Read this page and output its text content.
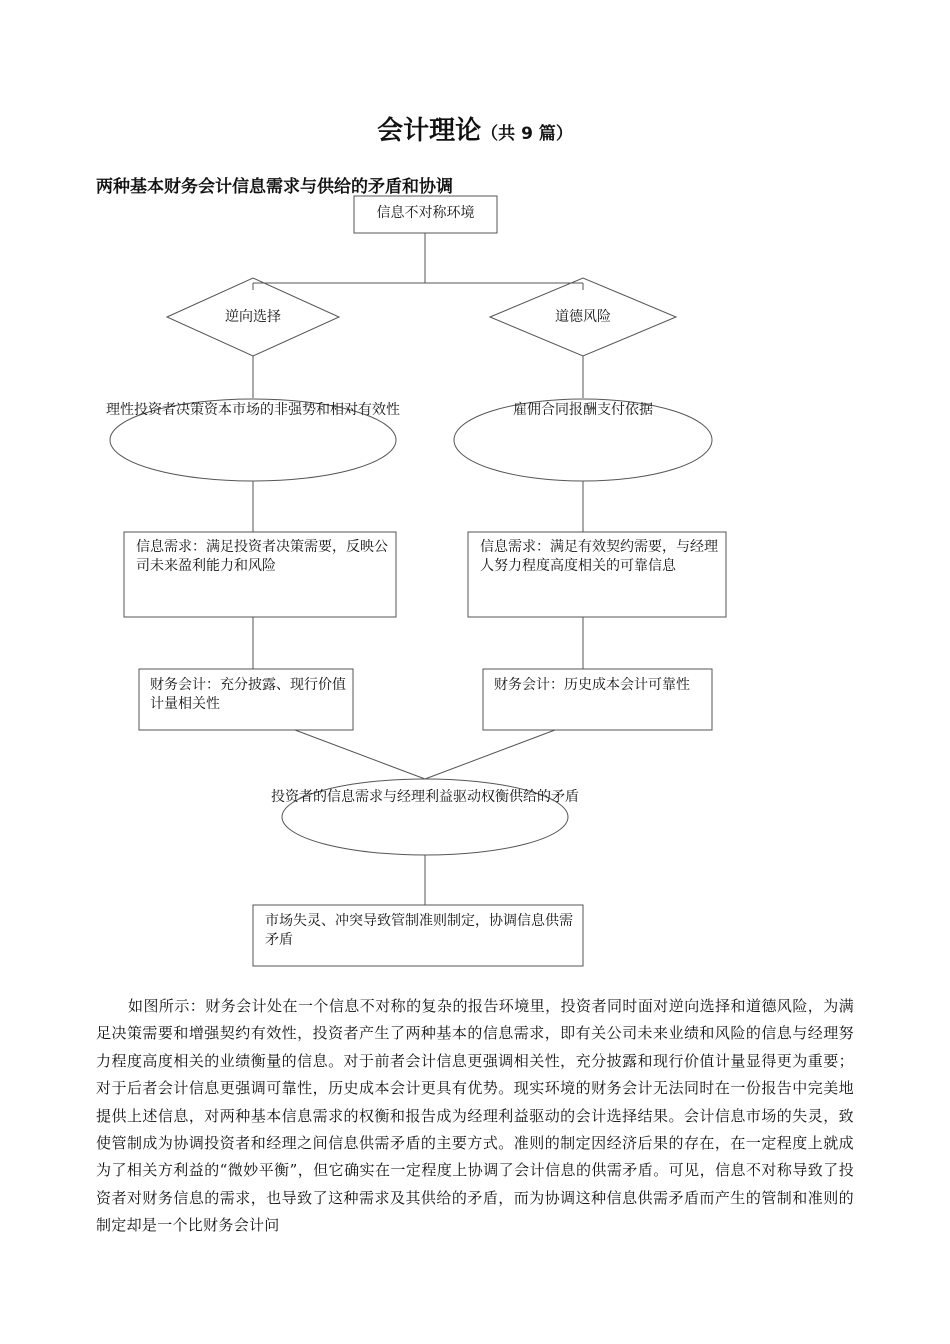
会计理论（共 9 篇）
两种基本财务会计信息需求与供给的矛盾和协调
信息不对称环境
逆向选择	道德风险
理性投资者决策资本市场的非强势和相对有效性	雇佣合同报酬支付依据
信息需求：满足投资者决策需要，反映公司未来盈利能力和风险
信息需求：满足有效契约需要，与经理人努力程度高度相关的可靠信息
财务会计：充分披露、现行价值计量相关性
财务会计：历史成本会计可靠性
投资者的信息需求与经理利益驱动权衡供给的矛盾
市场失灵、冲突导致管制准则制定，协调信息供需矛盾
如图所示：财务会计处在一个信息不对称的复杂的报告环境里，投资者同时面对逆向选择和道德风险，为满足决策需要和增强契约有效性，投资者产生了两种基本的信息需求，即有关公司未来业绩和风险的信息与经理努力程度高度相关的业绩衡量的信息。对于前者会计信息更强调相关性，充分披露和现行价值计量显得更为重要；对于后者会计信息更强调可靠性，历史成本会计更具有优势。现实环境的财务会计无法同时在一份报告中完美地提供上述信息，对两种基本信息需求的权衡和报告成为经理利益驱动的会计选择结果。会计信息市场的失灵，致使管制成为协调投资者和经理之间信息供需矛盾的主要方式。准则的制定因经济后果的存在，在一定程度上就成为了相关方利益的“微妙平衡”，但它确实在一定程度上协调了会计信息的供需矛盾。可见，信息不对称导致了投资者对财务信息的需求，也导致了这种需求及其供给的矛盾，而为协调这种信息供需矛盾而产生的管制和准则的制定却是一个比财务会计问
